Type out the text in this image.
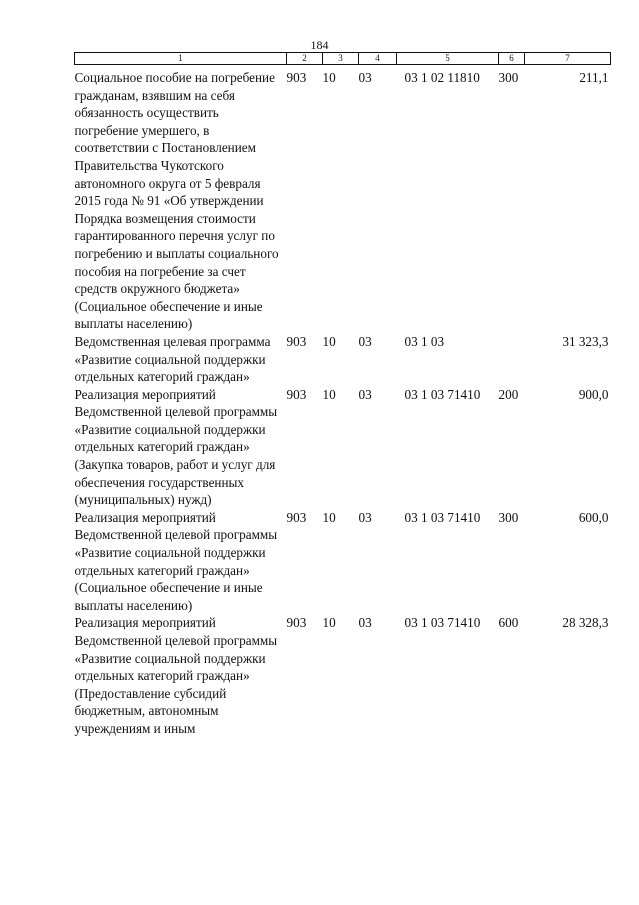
184
1	2	3	4	5	6	7
Социальное пособие на погребение гражданам, взявшим на себя обязанность осуществить погребение умершего, в соответствии с Постановлением Правительства Чукотского автономного округа от 5 февраля 2015 года № 91 «Об утверждении Порядка возмещения стоимости гарантированного перечня услуг по погребению и выплаты социального пособия на погребение за счет средств окружного бюджета» (Социальное обеспечение и иные выплаты населению)	903	10	03	03 1 02 11810	300	211,1
Ведомственная целевая программа «Развитие социальной поддержки отдельных категорий граждан»	903	10	03	03 1 03		31 323,3
Реализация мероприятий Ведомственной целевой программы «Развитие социальной поддержки отдельных категорий граждан» (Закупка товаров, работ и услуг для обеспечения государственных (муниципальных) нужд)	903	10	03	03 1 03 71410	200	900,0
Реализация мероприятий Ведомственной целевой программы «Развитие социальной поддержки отдельных категорий граждан» (Социальное обеспечение и иные выплаты населению)	903	10	03	03 1 03 71410	300	600,0
Реализация мероприятий Ведомственной целевой программы «Развитие социальной поддержки отдельных категорий граждан» (Предоставление субсидий бюджетным, автономным учреждениям и иным	903	10	03	03 1 03 71410	600	28 328,3
